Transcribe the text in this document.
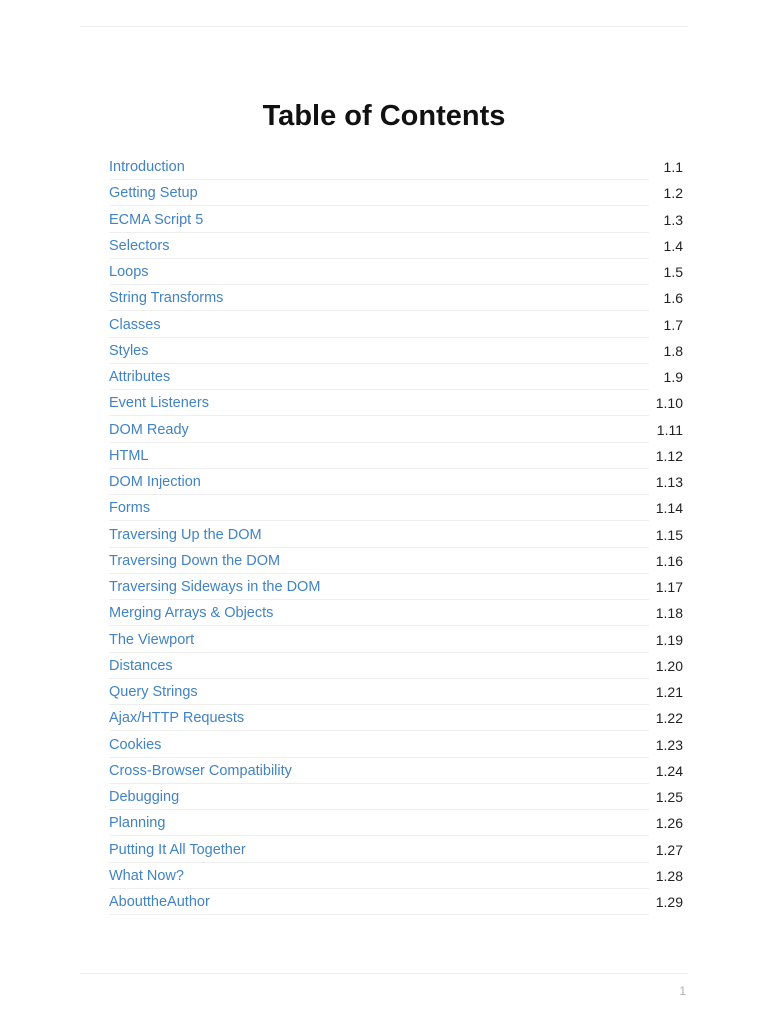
Table of Contents
Introduction	1.1
Getting Setup	1.2
ECMA Script 5	1.3
Selectors	1.4
Loops	1.5
String Transforms	1.6
Classes	1.7
Styles	1.8
Attributes	1.9
Event Listeners	1.10
DOM Ready	1.11
HTML	1.12
DOM Injection	1.13
Forms	1.14
Traversing Up the DOM	1.15
Traversing Down the DOM	1.16
Traversing Sideways in the DOM	1.17
Merging Arrays & Objects	1.18
The Viewport	1.19
Distances	1.20
Query Strings	1.21
Ajax/HTTP Requests	1.22
Cookies	1.23
Cross-Browser Compatibility	1.24
Debugging	1.25
Planning	1.26
Putting It All Together	1.27
What Now?	1.28
AbouttheAuthor	1.29
1
